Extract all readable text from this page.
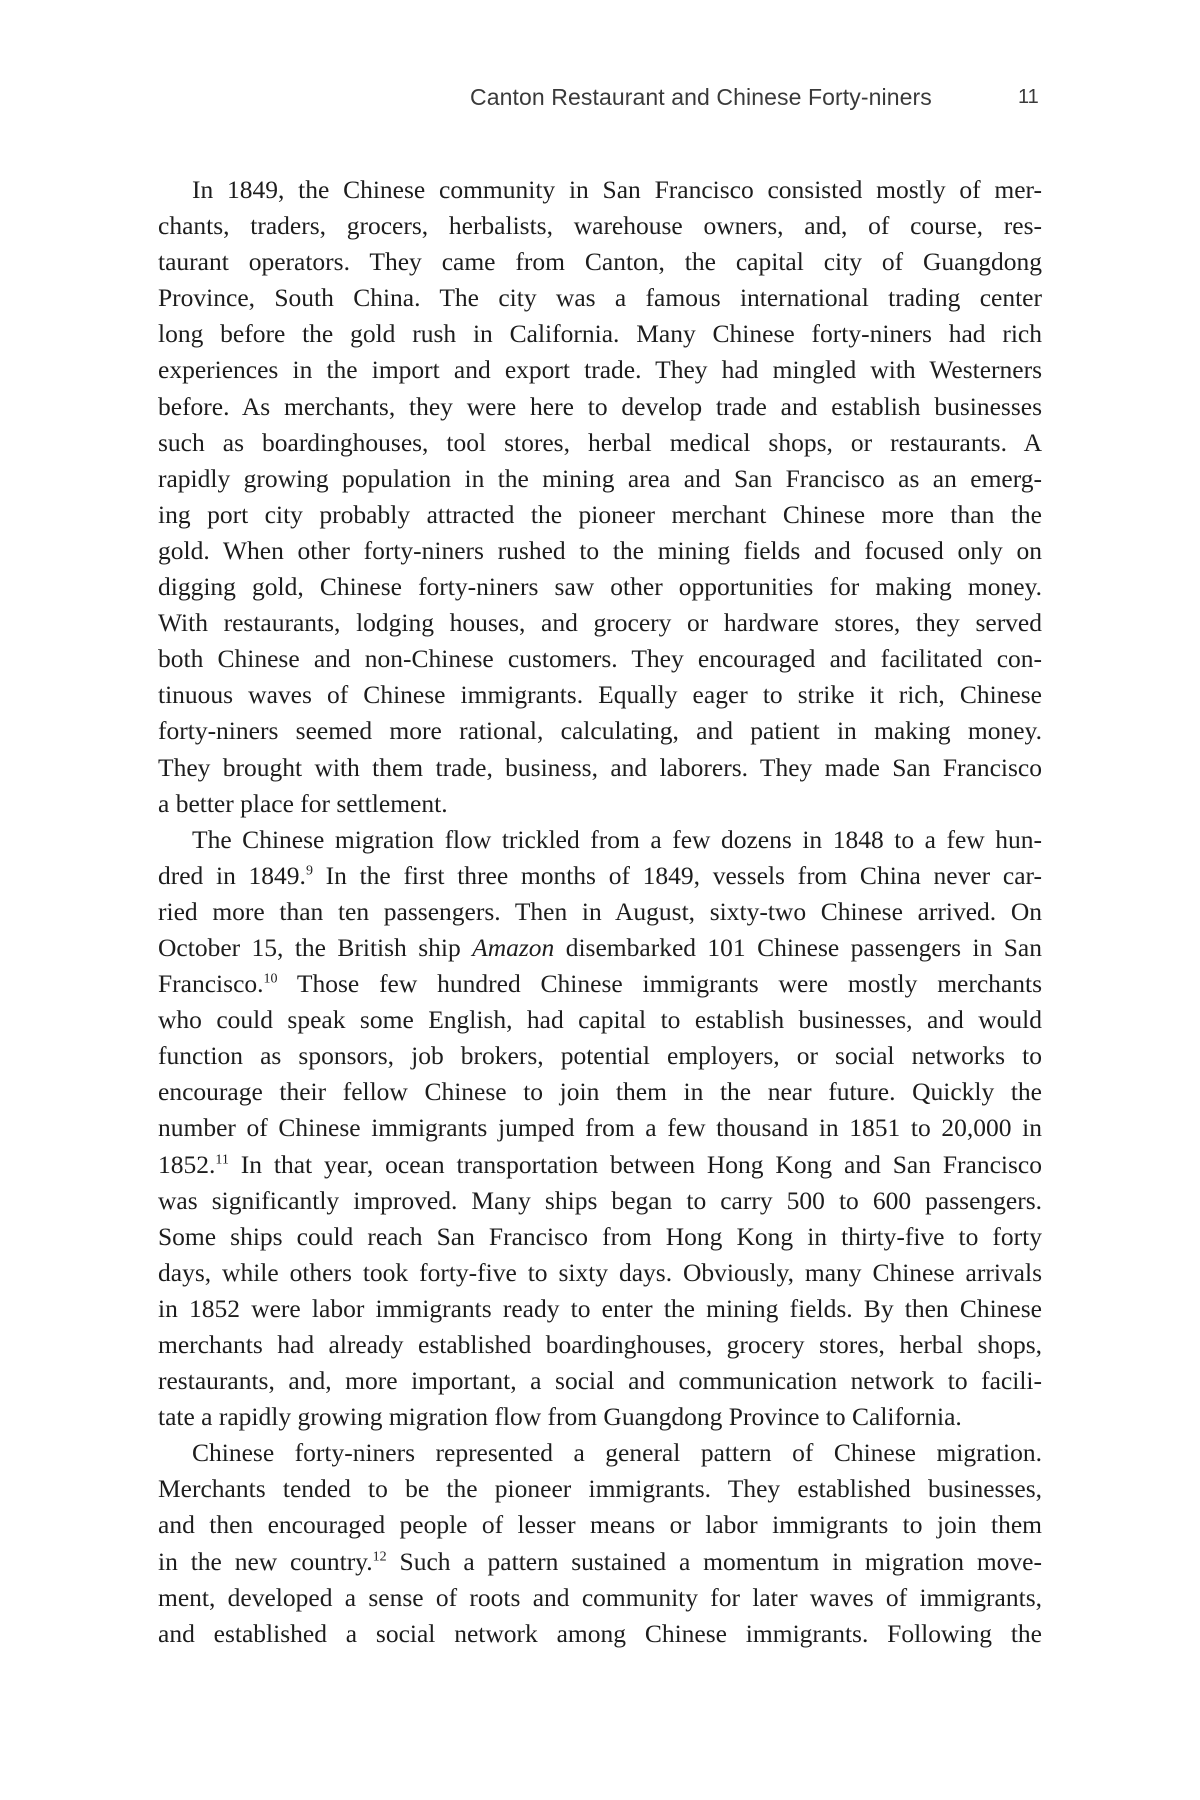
Canton Restaurant and Chinese Forty-niners	11

In 1849, the Chinese community in San Francisco consisted mostly of mer-
chants, traders, grocers, herbalists, warehouse owners, and, of course, res-
taurant operators. They came from Canton, the capital city of Guangdong
Province, South China. The city was a famous international trading center
long before the gold rush in California. Many Chinese forty-niners had rich
experiences in the import and export trade. They had mingled with Westerners
before. As merchants, they were here to develop trade and establish businesses
such as boardinghouses, tool stores, herbal medical shops, or restaurants. A
rapidly growing population in the mining area and San Francisco as an emerg-
ing port city probably attracted the pioneer merchant Chinese more than the
gold. When other forty-niners rushed to the mining fields and focused only on
digging gold, Chinese forty-niners saw other opportunities for making money.
With restaurants, lodging houses, and grocery or hardware stores, they served
both Chinese and non-Chinese customers. They encouraged and facilitated con-
tinuous waves of Chinese immigrants. Equally eager to strike it rich, Chinese
forty-niners seemed more rational, calculating, and patient in making money.
They brought with them trade, business, and laborers. They made San Francisco
a better place for settlement.

The Chinese migration flow trickled from a few dozens in 1848 to a few hun-
dred in 1849.$^9$ In the first three months of 1849, vessels from China never car-
ried more than ten passengers. Then in August, sixty-two Chinese arrived. On
October 15, the British ship Amazon disembarked 101 Chinese passengers in San
Francisco.$^{10}$ Those few hundred Chinese immigrants were mostly merchants
who could speak some English, had capital to establish businesses, and would
function as sponsors, job brokers, potential employers, or social networks to
encourage their fellow Chinese to join them in the near future. Quickly the
number of Chinese immigrants jumped from a few thousand in 1851 to 20,000 in
1852.11 In that year, ocean transportation between Hong Kong and San Francisco
was significantly improved. Many ships began to carry 500 to 600 passengers.
Some ships could reach San Francisco from Hong Kong in thirty-five to forty
days, while others took forty-five to sixty days. Obviously, many Chinese arrivals
in 1852 were labor immigrants ready to enter the mining fields. By then Chinese
merchants had already established boardinghouses, grocery stores, herbal shops,
restaurants, and, more important, a social and communication network to facili-
tate a rapidly growing migration flow from Guangdong Province to California.

Chinese forty-niners represented a general pattern of Chinese migration.
Merchants tended to be the pioneer immigrants. They established businesses,
and then encouraged people of lesser means or labor immigrants to join them
in the new country.$^{12}$ Such a pattern sustained a momentum in migration move-
ment, developed a sense of roots and community for later waves of immigrants,
and established a social network among Chinese immigrants. Following the
